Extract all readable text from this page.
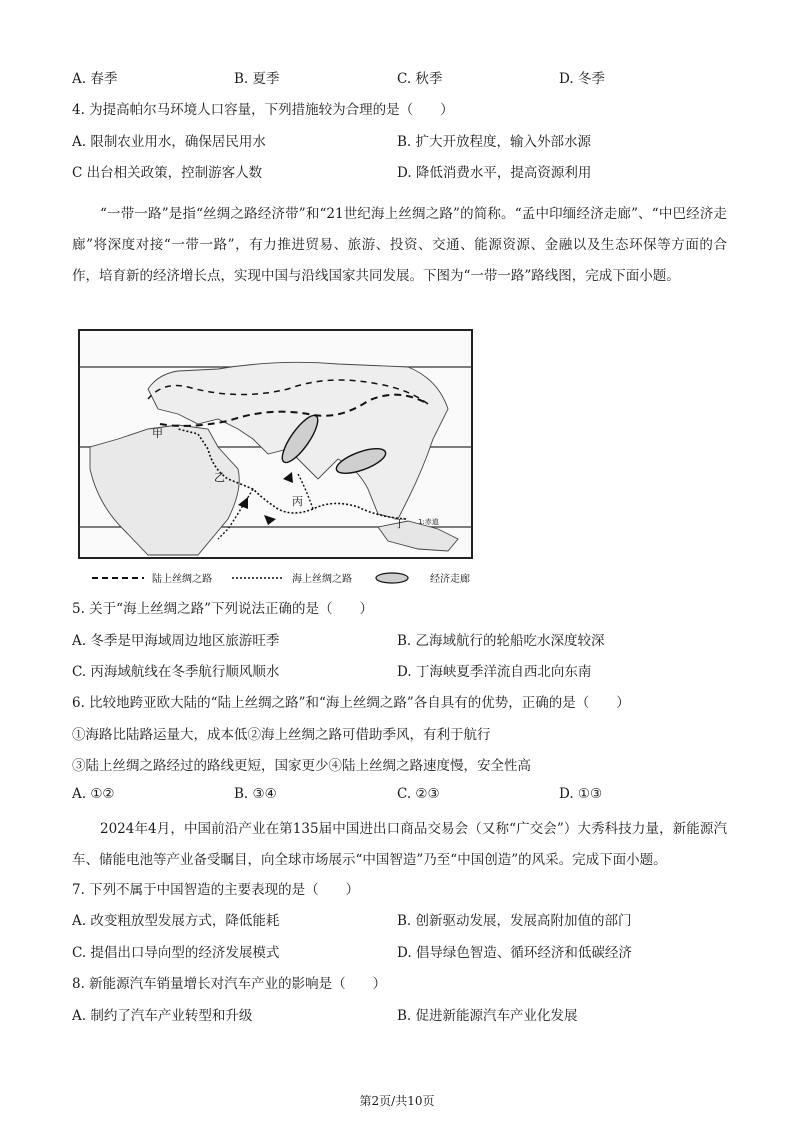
A. 春季	B. 夏季	C. 秋季	D. 冬季
4. 为提高帕尔马环境人口容量，下列措施较为合理的是（　　）
A. 限制农业用水，确保居民用水	B. 扩大开放程度，输入外部水源
C 出台相关政策，控制游客人数	D. 降低消费水平，提高资源利用
“一带一路”是指“丝绸之路经济带”和“21世纪海上丝绸之路”的简称。“孟中印缅经济走廊”、“中巴经济走廊”将深度对接“一带一路”，有力推进贸易、旅游、投资、交通、能源资源、金融以及生态环保等方面的合作，培育新的经济增长点，实现中国与沿线国家共同发展。下图为“一带一路”路线图，完成下面小题。
甲
乙
丙
丁 1:赤道
陆上丝绸之路	海上丝绸之路	经济走廊
5. 关于“海上丝绸之路”下列说法正确的是（　　）
A. 冬季是甲海域周边地区旅游旺季	B. 乙海域航行的轮船吃水深度较深
C. 丙海域航线在冬季航行顺风顺水	D. 丁海峡夏季洋流自西北向东南
6. 比较地跨亚欧大陆的“陆上丝绸之路”和“海上丝绸之路”各自具有的优势，正确的是（　　）
①海路比陆路运量大，成本低②海上丝绸之路可借助季风，有利于航行
③陆上丝绸之路经过的路线更短，国家更少④陆上丝绸之路速度慢，安全性高
A. ①②	B. ③④	C. ②③	D. ①③
2024年4月，中国前沿产业在第135届中国进出口商品交易会（又称“广交会”）大秀科技力量，新能源汽车、储能电池等产业备受瞩目，向全球市场展示“中国智造”乃至“中国创造”的风采。完成下面小题。
7. 下列不属于中国智造的主要表现的是（　　）
A. 改变粗放型发展方式，降低能耗	B. 创新驱动发展，发展高附加值的部门
C. 提倡出口导向型的经济发展模式	D. 倡导绿色智造、循环经济和低碳经济
8. 新能源汽车销量增长对汽车产业的影响是（　　）
A. 制约了汽车产业转型和升级	B. 促进新能源汽车产业化发展
第2页/共10页
